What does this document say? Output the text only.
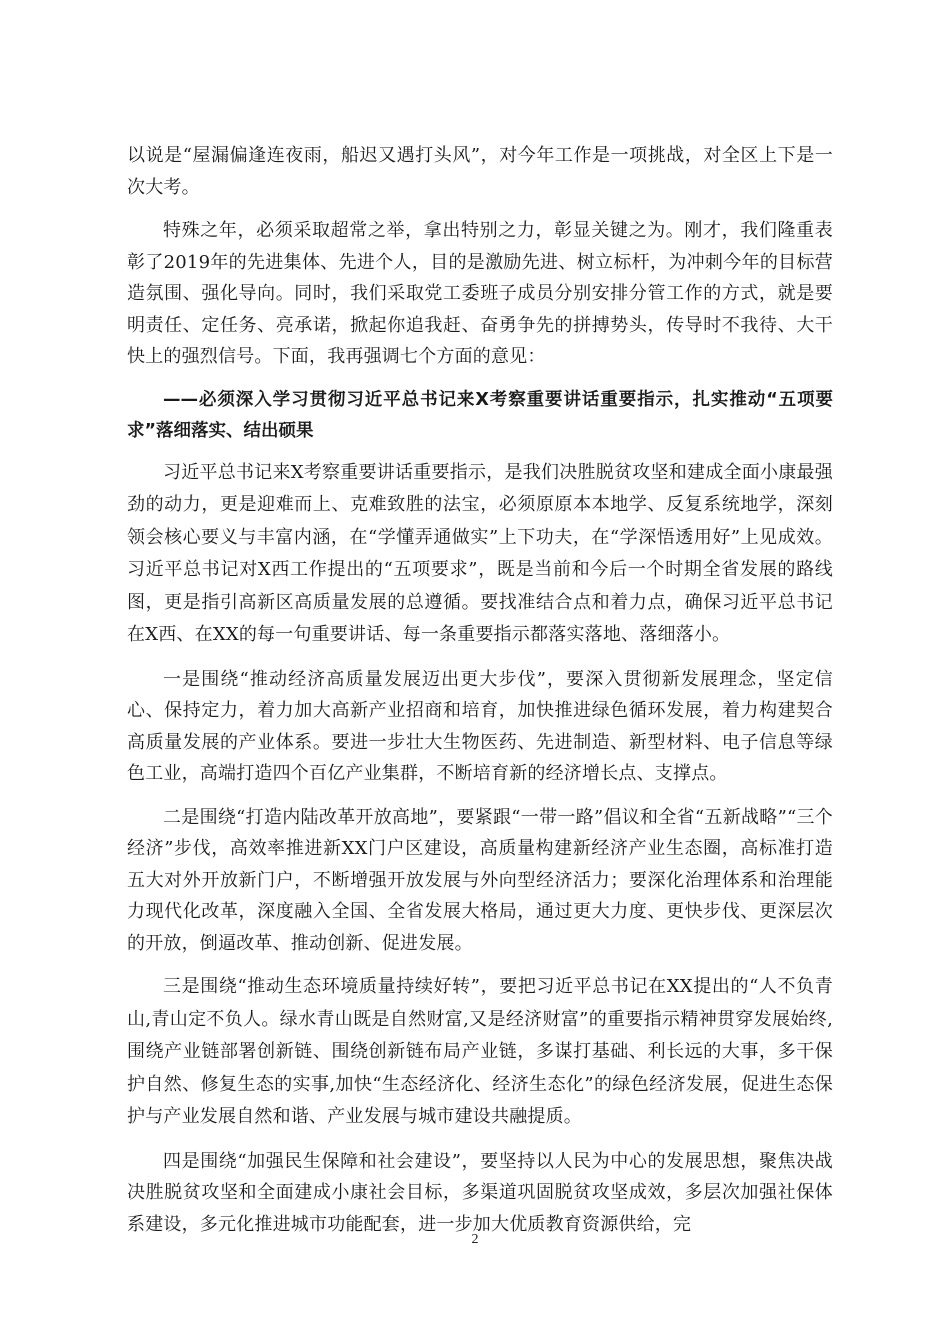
以说是“屋漏偏逢连夜雨，船迟又遇打头风”，对今年工作是一项挑战，对全区上下是一次大考。

特殊之年，必须采取超常之举，拿出特别之力，彰显关键之为。刚才，我们隆重表彰了2019年的先进集体、先进个人，目的是激励先进、树立标杆，为冲刺今年的目标营造氛围、强化导向。同时，我们采取党工委班子成员分别安排分管工作的方式，就是要明责任、定任务、亮承诺，掀起你追我赶、奋勇争先的拼搏势头，传导时不我待、大干快上的强烈信号。下面，我再强调七个方面的意见：

——必须深入学习贯彻习近平总书记来X考察重要讲话重要指示，扎实推动“五项要求”落细落实、结出硕果

习近平总书记来X考察重要讲话重要指示，是我们决胜脱贫攻坚和建成全面小康最强劲的动力，更是迎难而上、克难致胜的法宝，必须原原本本地学、反复系统地学，深刻领会核心要义与丰富内涵，在“学懂弄通做实”上下功夫，在“学深悟透用好”上见成效。习近平总书记对X西工作提出的“五项要求”，既是当前和今后一个时期全省发展的路线图，更是指引高新区高质量发展的总遵循。要找准结合点和着力点，确保习近平总书记在X西、在XX的每一句重要讲话、每一条重要指示都落实落地、落细落小。

一是围绕“推动经济高质量发展迈出更大步伐”，要深入贯彻新发展理念，坚定信心、保持定力，着力加大高新产业招商和培育，加快推进绿色循环发展，着力构建契合高质量发展的产业体系。要进一步壮大生物医药、先进制造、新型材料、电子信息等绿色工业，高端打造四个百亿产业集群，不断培育新的经济增长点、支撑点。

二是围绕“打造内陆改革开放高地”，要紧跟“一带一路”倡议和全省“五新战略”“三个经济”步伐，高效率推进新XX门户区建设，高质量构建新经济产业生态圈，高标准打造五大对外开放新门户，不断增强开放发展与外向型经济活力；要深化治理体系和治理能力现代化改革，深度融入全国、全省发展大格局，通过更大力度、更快步伐、更深层次的开放，倒逼改革、推动创新、促进发展。

三是围绕“推动生态环境质量持续好转”，要把习近平总书记在XX提出的“人不负青山,青山定不负人。绿水青山既是自然财富,又是经济财富”的重要指示精神贯穿发展始终,围绕产业链部署创新链、围绕创新链布局产业链，多谋打基础、利长远的大事，多干保护自然、修复生态的实事,加快“生态经济化、经济生态化”的绿色经济发展，促进生态保护与产业发展自然和谐、产业发展与城市建设共融提质。

四是围绕“加强民生保障和社会建设”，要坚持以人民为中心的发展思想，聚焦决战决胜脱贫攻坚和全面建成小康社会目标，多渠道巩固脱贫攻坚成效，多层次加强社保体系建设，多元化推进城市功能配套，进一步加大优质教育资源供给，完

2
